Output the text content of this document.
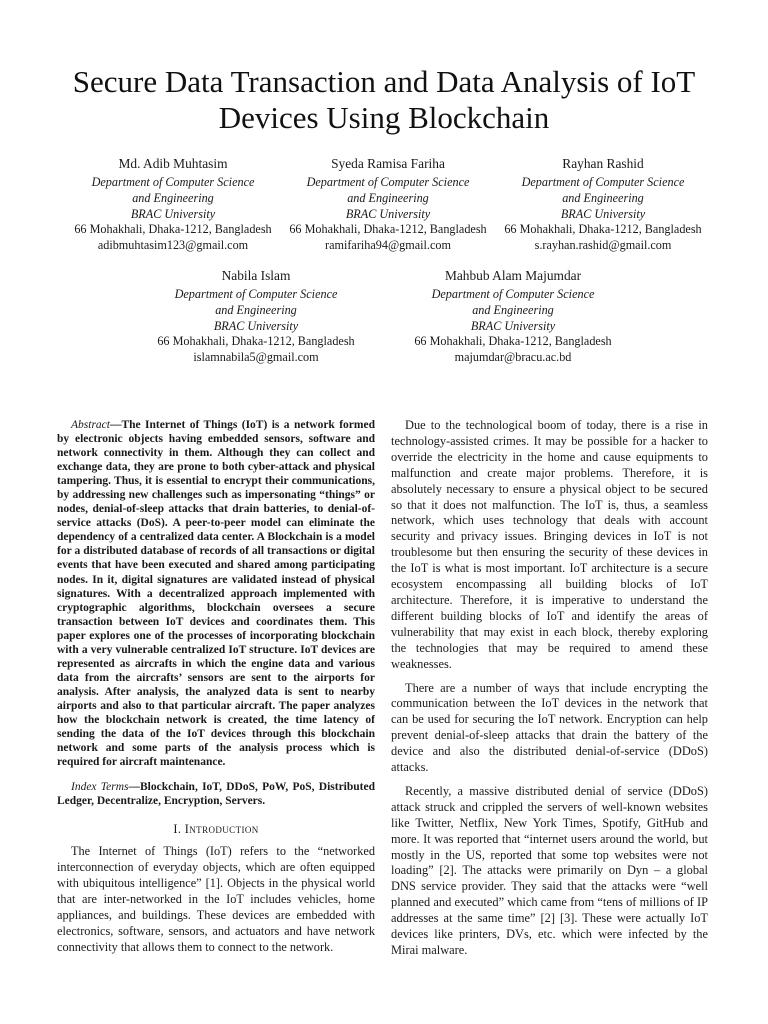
Secure Data Transaction and Data Analysis of IoT Devices Using Blockchain
Md. Adib Muhtasim
Department of Computer Science
and Engineering
BRAC University
66 Mohakhali, Dhaka-1212, Bangladesh
adibmuhtasim123@gmail.com
Syeda Ramisa Fariha
Department of Computer Science
and Engineering
BRAC University
66 Mohakhali, Dhaka-1212, Bangladesh
ramifariha94@gmail.com
Rayhan Rashid
Department of Computer Science
and Engineering
BRAC University
66 Mohakhali, Dhaka-1212, Bangladesh
s.rayhan.rashid@gmail.com
Nabila Islam
Department of Computer Science
and Engineering
BRAC University
66 Mohakhali, Dhaka-1212, Bangladesh
islamnabila5@gmail.com
Mahbub Alam Majumdar
Department of Computer Science
and Engineering
BRAC University
66 Mohakhali, Dhaka-1212, Bangladesh
majumdar@bracu.ac.bd

Abstract—The Internet of Things (IoT) is a network formed by electronic objects having embedded sensors, software and network connectivity in them. Although they can collect and exchange data, they are prone to both cyber-attack and physical tampering. Thus, it is essential to encrypt their communications, by addressing new challenges such as impersonating “things” or nodes, denial-of-sleep attacks that drain batteries, to denial-of-service attacks (DoS). A peer-to-peer model can eliminate the dependency of a centralized data center. A Blockchain is a model for a distributed database of records of all transactions or digital events that have been executed and shared among participating nodes. In it, digital signatures are validated instead of physical signatures. With a decentralized approach implemented with cryptographic algorithms, blockchain oversees a secure transaction between IoT devices and coordinates them. This paper explores one of the processes of incorporating blockchain with a very vulnerable centralized IoT structure. IoT devices are represented as aircrafts in which the engine data and various data from the aircrafts’ sensors are sent to the airports for analysis. After analysis, the analyzed data is sent to nearby airports and also to that particular aircraft. The paper analyzes how the blockchain network is created, the time latency of sending the data of the IoT devices through this blockchain network and some parts of the analysis process which is required for aircraft maintenance.

Index Terms—Blockchain, IoT, DDoS, PoW, PoS, Distributed Ledger, Decentralize, Encryption, Servers.

I. Introduction

The Internet of Things (IoT) refers to the “networked interconnection of everyday objects, which are often equipped with ubiquitous intelligence” [1]. Objects in the physical world that are inter-networked in the IoT includes vehicles, home appliances, and buildings. These devices are embedded with electronics, software, sensors, and actuators and have network connectivity that allows them to connect to the network.

Due to the technological boom of today, there is a rise in technology-assisted crimes. It may be possible for a hacker to override the electricity in the home and cause equipments to malfunction and create major problems. Therefore, it is absolutely necessary to ensure a physical object to be secured so that it does not malfunction. The IoT is, thus, a seamless network, which uses technology that deals with account security and privacy issues. Bringing devices in IoT is not troublesome but then ensuring the security of these devices in the IoT is what is most important. IoT architecture is a secure ecosystem encompassing all building blocks of IoT architecture. Therefore, it is imperative to understand the different building blocks of IoT and identify the areas of vulnerability that may exist in each block, thereby exploring the technologies that may be required to amend these weaknesses.

There are a number of ways that include encrypting the communication between the IoT devices in the network that can be used for securing the IoT network. Encryption can help prevent denial-of-sleep attacks that drain the battery of the device and also the distributed denial-of-service (DDoS) attacks.

Recently, a massive distributed denial of service (DDoS) attack struck and crippled the servers of well-known websites like Twitter, Netflix, New York Times, Spotify, GitHub and more. It was reported that “internet users around the world, but mostly in the US, reported that some top websites were not loading” [2]. The attacks were primarily on Dyn – a global DNS service provider. They said that the attacks were “well planned and executed” which came from “tens of millions of IP addresses at the same time” [2] [3]. These were actually IoT devices like printers, DVs, etc. which were infected by the Mirai malware.
